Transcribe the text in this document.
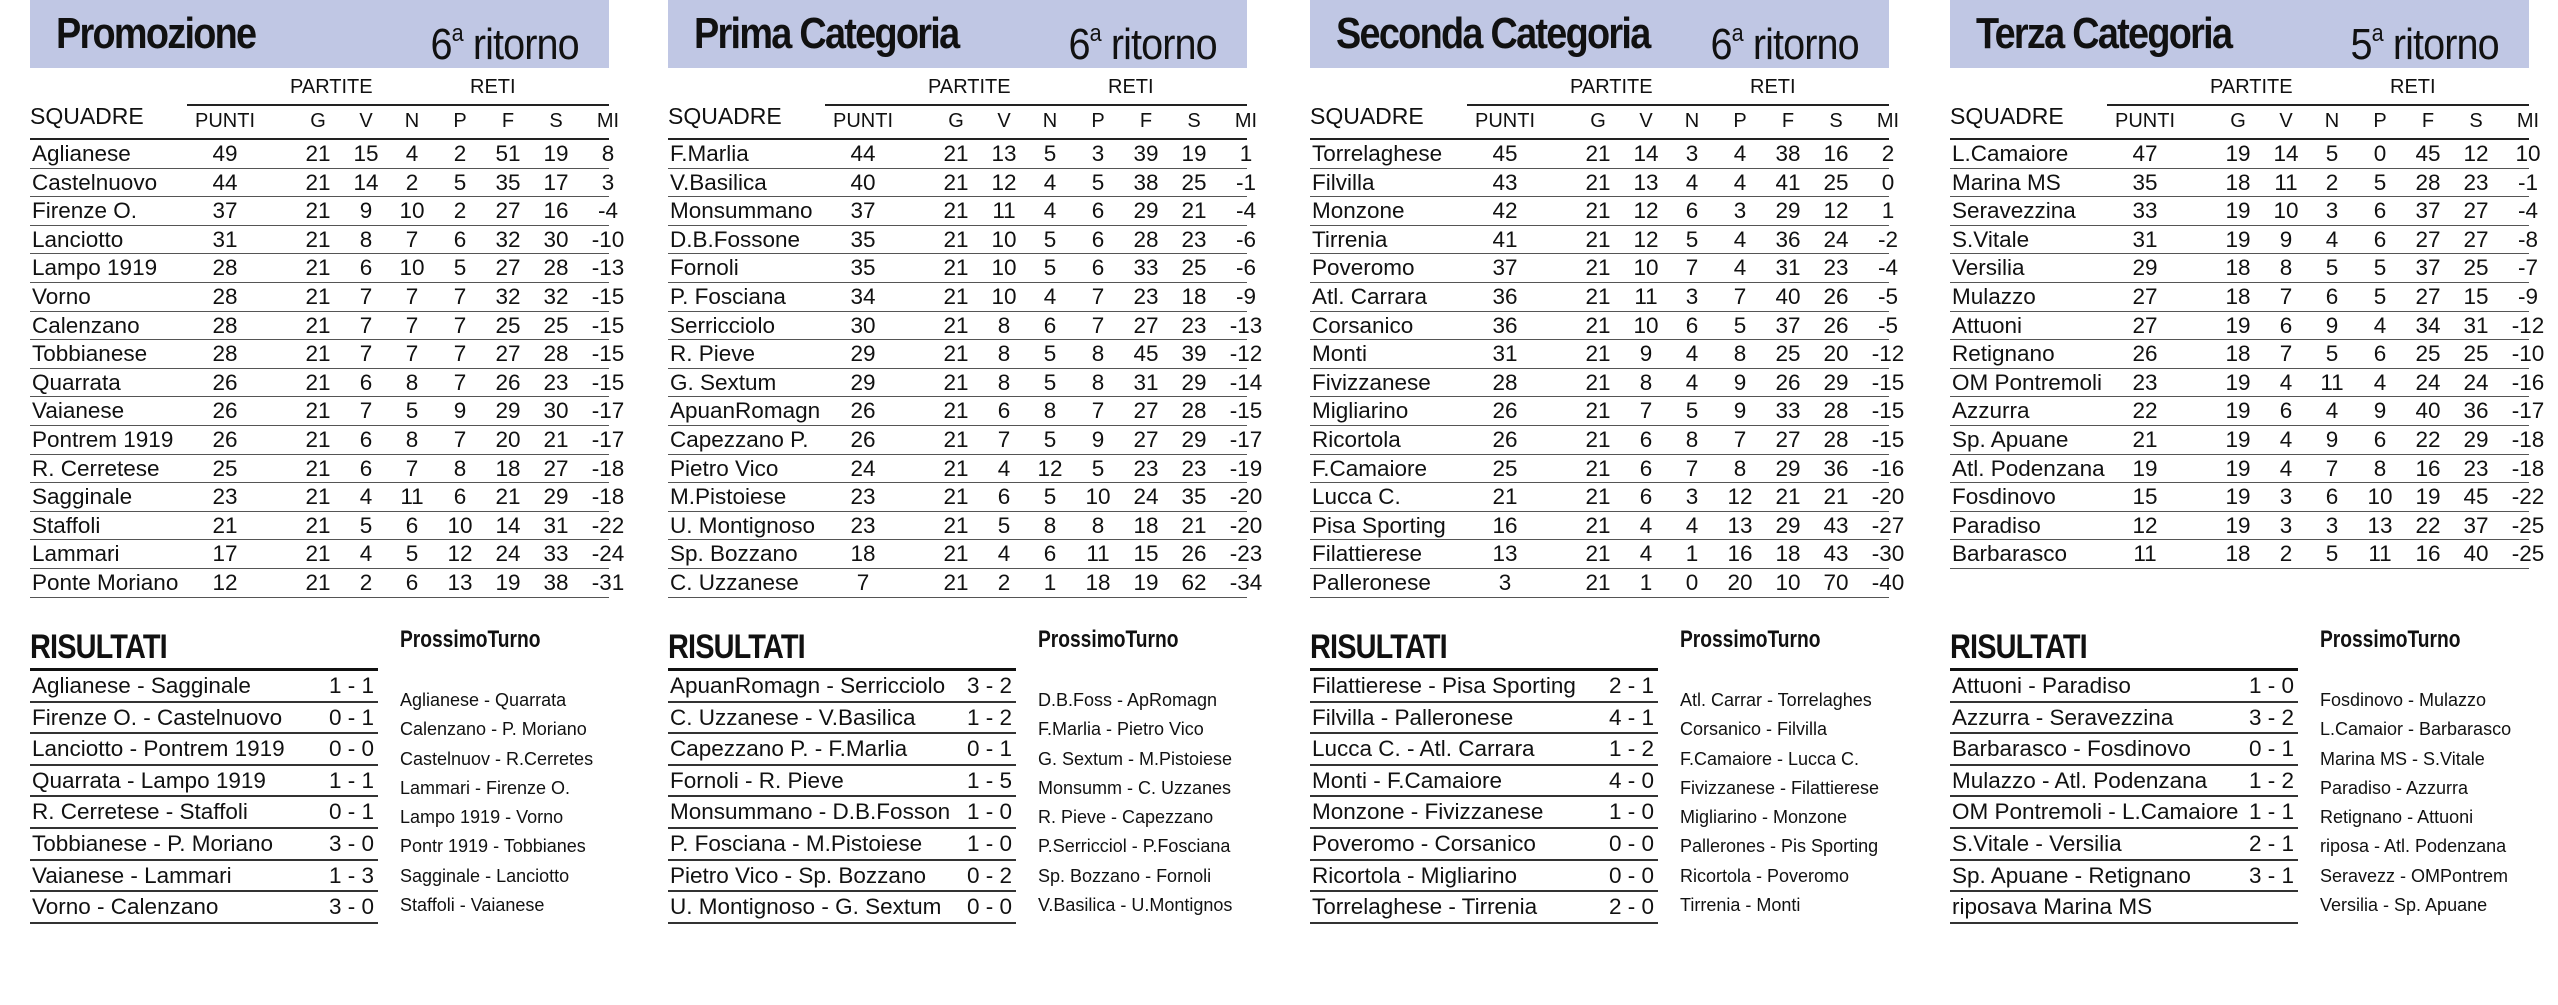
Promozione	6$^a$ ritorno
PARTITE	RETI
SQUADRE	PUNTI	G	V	N	P	F	S	MI
Aglianese	49	21	15	4	2	51	19	8
Castelnuovo	44	21	14	2	5	35	17	3
Firenze O.	37	21	9	10	2	27	16	-4
Lanciotto	31	21	8	7	6	32	30	-10
Lampo 1919	28	21	6	10	5	27	28	-13
Vorno	28	21	7	7	7	32	32	-15
Calenzano	28	21	7	7	7	25	25	-15
Tobbianese	28	21	7	7	7	27	28	-15
Quarrata	26	21	6	8	7	26	23	-15
Vaianese	26	21	7	5	9	29	30	-17
Pontrem 1919	26	21	6	8	7	20	21	-17
R. Cerretese	25	21	6	7	8	18	27	-18
Sagginale	23	21	4	11	6	21	29	-18
Staffoli	21	21	5	6	10	14	31	-22
Lammari	17	21	4	5	12	24	33	-24
Ponte Moriano	12	21	2	6	13	19	38	-31
RISULTATI
Aglianese - Sagginale	1 - 1
Firenze O. - Castelnuovo 0 - 1
Lanciotto - Pontrem 1919 0 - 0
Quarrata - Lampo 1919	1 - 1
R. Cerretese - Staffoli	0 - 1
Tobbianese - P. Moriano 3 - 0
Vaianese - Lammari	1 - 3
Vorno - Calenzano	3 - 0
ProssimoTurno
Aglianese - Quarrata
Calenzano - P. Moriano
Castelnuov - R.Cerretes
Lammari - Firenze O.
Lampo 1919 - Vorno
Pontr 1919 - Tobbianes
Sagginale - Lanciotto
Staffoli - Vaianese
Prima Categoria	6$^a$ ritorno
PARTITE	RETI
SQUADRE	PUNTI	G	V	N	P	F	S	MI
F.Marlia	44	21	13	5	3	39	19	1
V.Basilica	40	21	12	4	5	38	25	-1
Monsummano	37	21	11	4	6	29	21	-4
D.B.Fossone	35	21	10	5	6	28	23	-6
Fornoli	35	21	10	5	6	33	25	-6
P. Fosciana	34	21	10	4	7	23	18	-9
Serricciolo	30	21	8	6	7	27	23	-13
R. Pieve	29	21	8	5	8	45	39	-12
G. Sextum	29	21	8	5	8	31	29	-14
ApuanRomagn	26	21	6	8	7	27	28	-15
Capezzano P.	26	21	7	5	9	27	29	-17
Pietro Vico	24	21	4	12	5	23	23	-19
M.Pistoiese	23	21	6	5	10	24	35	-20
U. Montignoso	23	21	5	8	8	18	21	-20
Sp. Bozzano	18	21	4	6	11	15	26	-23
C. Uzzanese	7	21	2	1	18	19	62	-34
RISULTATI
ApuanRomagn - Serricciolo 3 - 2
C. Uzzanese - V.Basilica 1 - 2
Capezzano P. - F.Marlia	0 - 1
Fornoli - R. Pieve	1 - 5
Monsummano - D.B.Fosson 1 - 0
P. Fosciana - M.Pistoiese 1 - 0
Pietro Vico - Sp. Bozzano 0 - 2
U. Montignoso - G. Sextum 0 - 0
ProssimoTurno
D.B.Foss - ApRomagn
F.Marlia - Pietro Vico
G. Sextum - M.Pistoiese
Monsumm - C. Uzzanes
R. Pieve - Capezzano
P.Serricciol - P.Fosciana
Sp. Bozzano - Fornoli
V.Basilica - U.Montignos
Seconda Categoria 6$^a$ ritorno
PARTITE	RETI
SQUADRE	PUNTI	G	V	N	P	F	S	MI
Torrelaghese	45	21	14	3	4	38	16	2
Filvilla	43	21	13	4	4	41	25	0
Monzone	42	21	12	6	3	29	12	1
Tirrenia	41	21	12	5	4	36	24	-2
Poveromo	37	21	10	7	4	31	23	-4
Atl. Carrara	36	21	11	3	7	40	26	-5
Corsanico	36	21	10	6	5	37	26	-5
Monti	31	21	9	4	8	25	20	-12
Fivizzanese	28	21	8	4	9	26	29	-15
Migliarino	26	21	7	5	9	33	28	-15
Ricortola	26	21	6	8	7	27	28	-15
F.Camaiore	25	21	6	7	8	29	36	-16
Lucca C.	21	21	6	3	12	21	21	-20
Pisa Sporting	16	21	4	4	13	29	43	-27
Filattierese	13	21	4	1	16	18	43	-30
Palleronese	3	21	1	0	20	10	70	-40
RISULTATI
Filattierese - Pisa Sporting 2 - 1
Filvilla - Palleronese	4 - 1
Lucca C. - Atl. Carrara	1 - 2
Monti - F.Camaiore	4 - 0
Monzone - Fivizzanese	1 - 0
Poveromo - Corsanico	0 - 0
Ricortola - Migliarino	0 - 0
Torrelaghese - Tirrenia	2 - 0
ProssimoTurno
Atl. Carrar - Torrelaghes
Corsanico - Filvilla
F.Camaiore - Lucca C.
Fivizzanese - Filattierese
Migliarino - Monzone
Pallerones - Pis Sporting
Ricortola - Poveromo
Tirrenia - Monti
Terza Categoria	5$^a$ ritorno
PARTITE	RETI
SQUADRE	PUNTI	G	V	N	P	F	S	MI
L.Camaiore	47	19	14	5	0	45	12	10
Marina MS	35	18	11	2	5	28	23	-1
Seravezzina	33	19	10	3	6	37	27	-4
S.Vitale	31	19	9	4	6	27	27	-8
Versilia	29	18	8	5	5	37	25	-7
Mulazzo	27	18	7	6	5	27	15	-9
Attuoni	27	19	6	9	4	34	31	-12
Retignano	26	18	7	5	6	25	25	-10
OM Pontremoli	23	19	4	11	4	24	24	-16
Azzurra	22	19	6	4	9	40	36	-17
Sp. Apuane	21	19	4	9	6	22	29	-18
Atl. Podenzana	19	19	4	7	8	16	23	-18
Fosdinovo	15	19	3	6	10	19	45	-22
Paradiso	12	19	3	3	13	22	37	-25
Barbarasco	11	18	2	5	11	16	40	-25
RISULTATI
Attuoni - Paradiso	1 - 0
Azzurra - Seravezzina	3 - 2
Barbarasco - Fosdinovo	0 - 1
Mulazzo - Atl. Podenzana 1 - 2
OM Pontremoli - L.Camaiore 1 - 1
S.Vitale - Versilia	2 - 1
Sp. Apuane - Retignano	3 - 1
riposava Marina MS
ProssimoTurno
Fosdinovo - Mulazzo
L.Camaior - Barbarasco
Marina MS - S.Vitale
Paradiso - Azzurra
Retignano - Attuoni
riposa - Atl. Podenzana
Seravezz - OMPontrem
Versilia - Sp. Apuane
